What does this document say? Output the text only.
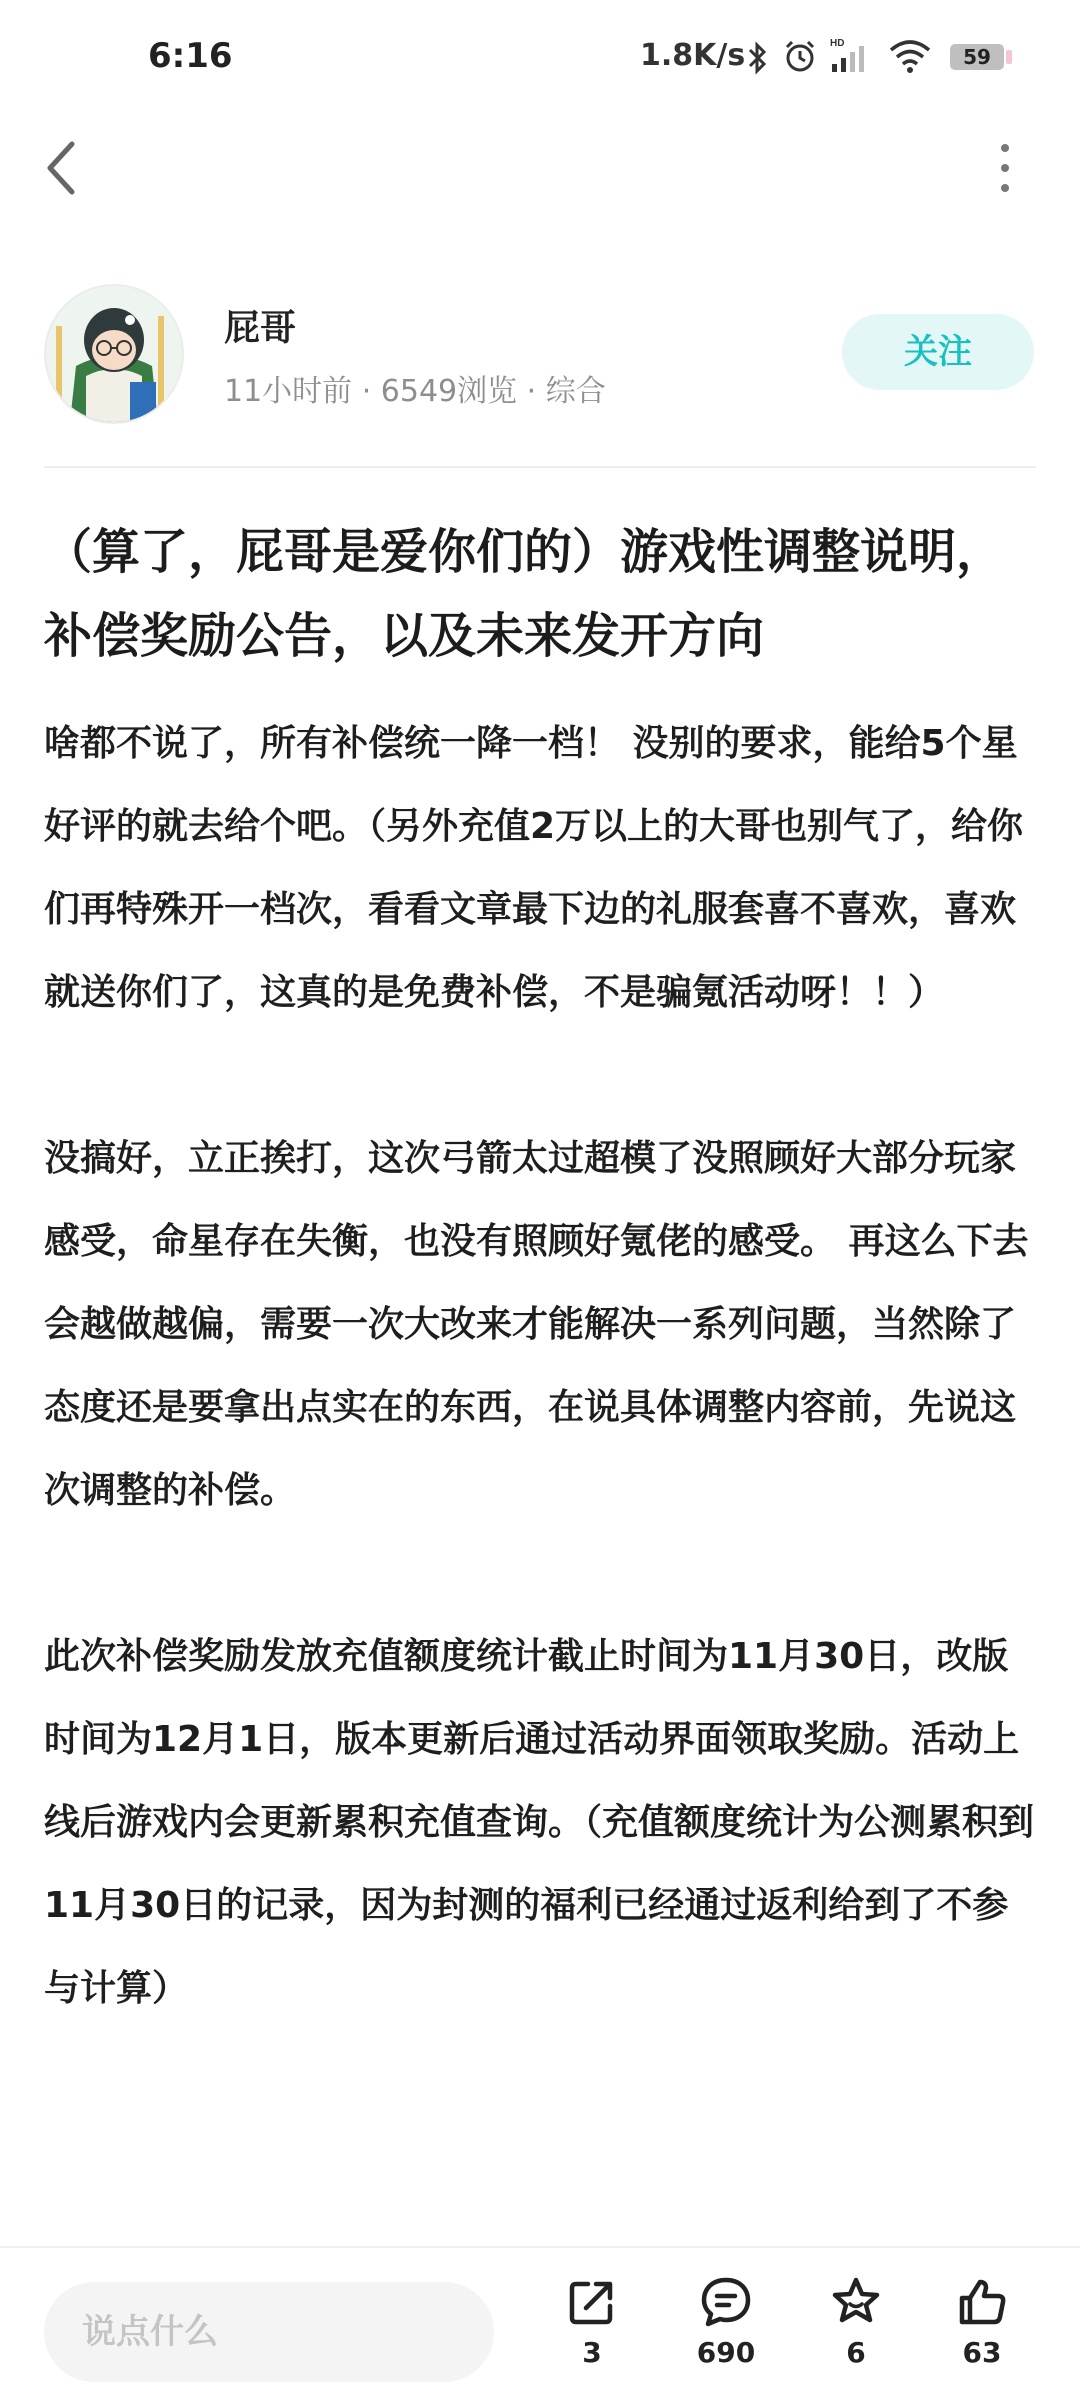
6:16	1.8K/s	HD
59
屁哥
11小时前 · 6549浏览 · 综合
关注
（算了，屁哥是爱你们的）游戏性调整说明，补偿奖励公告，以及未来发开方向

啥都不说了，所有补偿统一降一档！ 没别的要求，能给5个星好评的就去给个吧。（另外充值2万以上的大哥也别气了，给你们再特殊开一档次，看看文章最下边的礼服套喜不喜欢，喜欢就送你们了，这真的是免费补偿，不是骗氪活动呀！！）

没搞好，立正挨打，这次弓箭太过超模了没照顾好大部分玩家感受，命星存在失衡，也没有照顾好氪佬的感受。 再这么下去会越做越偏，需要一次大改来才能解决一系列问题，当然除了态度还是要拿出点实在的东西，在说具体调整内容前，先说这次调整的补偿。

此次补偿奖励发放充值额度统计截止时间为11月30日，改版时间为12月1日，版本更新后通过活动界面领取奖励。活动上线后游戏内会更新累积充值查询。（充值额度统计为公测累积到11月30日的记录，因为封测的福利已经通过返利给到了不参与计算）

说点什么
3	690	6	63
